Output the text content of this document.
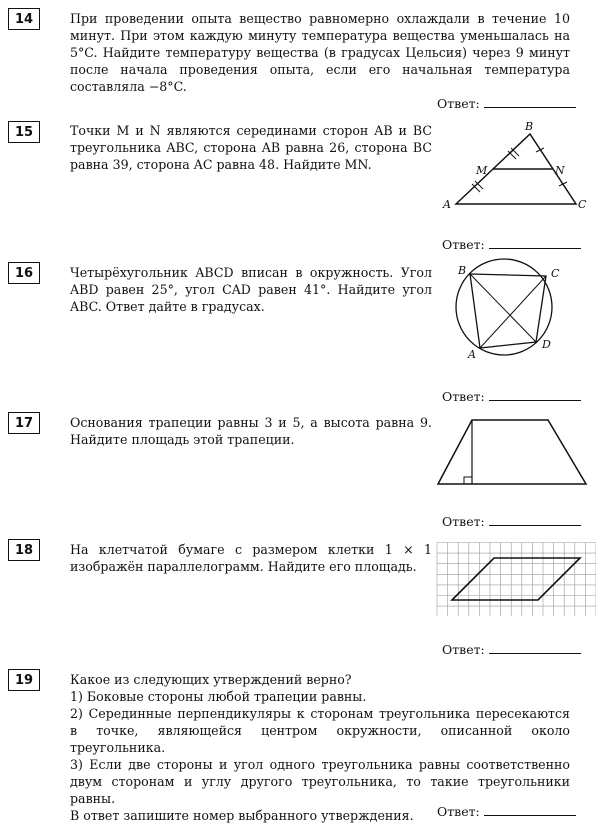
14	При проведении опыта вещество равномерно охлаждали в течение 10 минут. При этом каждую минуту температура вещества уменьшалась на 5°C. Найдите температуру вещества (в градусах Цельсия) через 9 минут после начала проведения опыта, если его начальная температура составляла −8°C.

Ответ:
15	Точки M и N являются серединами сторон AB и BC треугольника ABC, сторона AB равна 26, сторона BC равна 39, сторона AC равна 48. Найдите MN.

A
B
C
M	N
Ответ:
16	Четырёхугольник ABCD вписан в окружность. Угол ABD равен 25°, угол CAD равен 41°. Найдите угол ABC. Ответ дайте в градусах.

B	C
A
D
Ответ:
17	Основания трапеции равны 3 и 5, а высота равна 9. Найдите площадь этой трапеции.

Ответ:
18	На клетчатой бумаге с размером клетки 1 × 1 изображён параллелограмм. Найдите его площадь.

Ответ:
19	Какое из следующих утверждений верно?

1) Боковые стороны любой трапеции равны.

2) Серединные перпендикуляры к сторонам треугольника пересекаются в точке, являющейся центром окружности, описанной около треугольника.

3) Если две стороны и угол одного треугольника равны соответственно двум сторонам и углу другого треугольника, то такие треугольники равны.

В ответ запишите номер выбранного утверждения.	Ответ:
